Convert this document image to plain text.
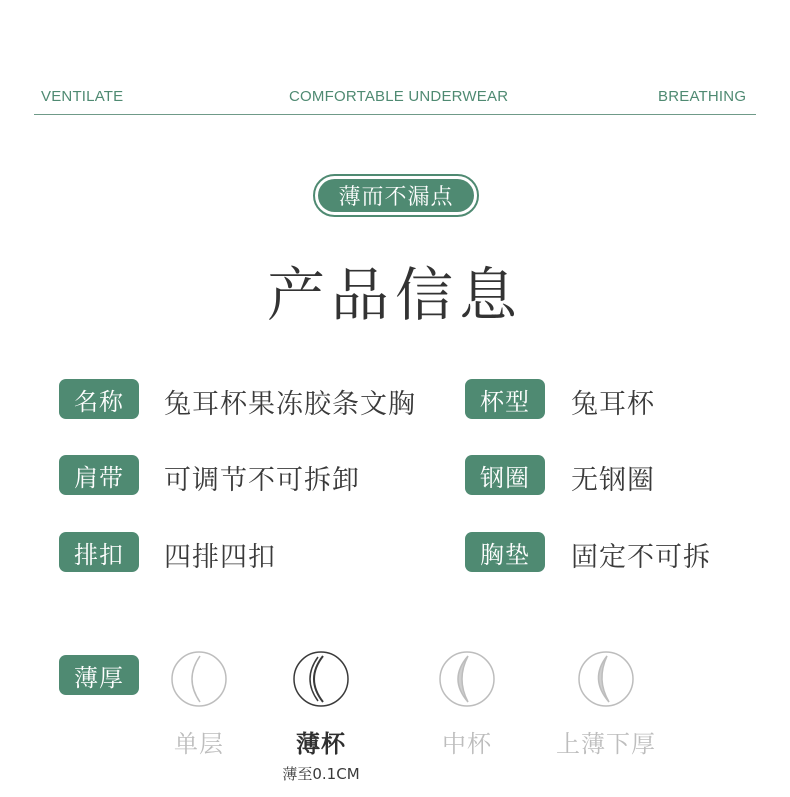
VENTILATE	COMFORTABLE UNDERWEAR	BREATHING
薄而不漏点
产品信息
名称	兔耳杯果冻胶条文胸	杯型	兔耳杯
肩带	可调节不可拆卸	钢圈	无钢圈
排扣	四排四扣	胸垫	固定不可拆
薄厚
单层	薄杯
薄至0.1CM
中杯	上薄下厚
